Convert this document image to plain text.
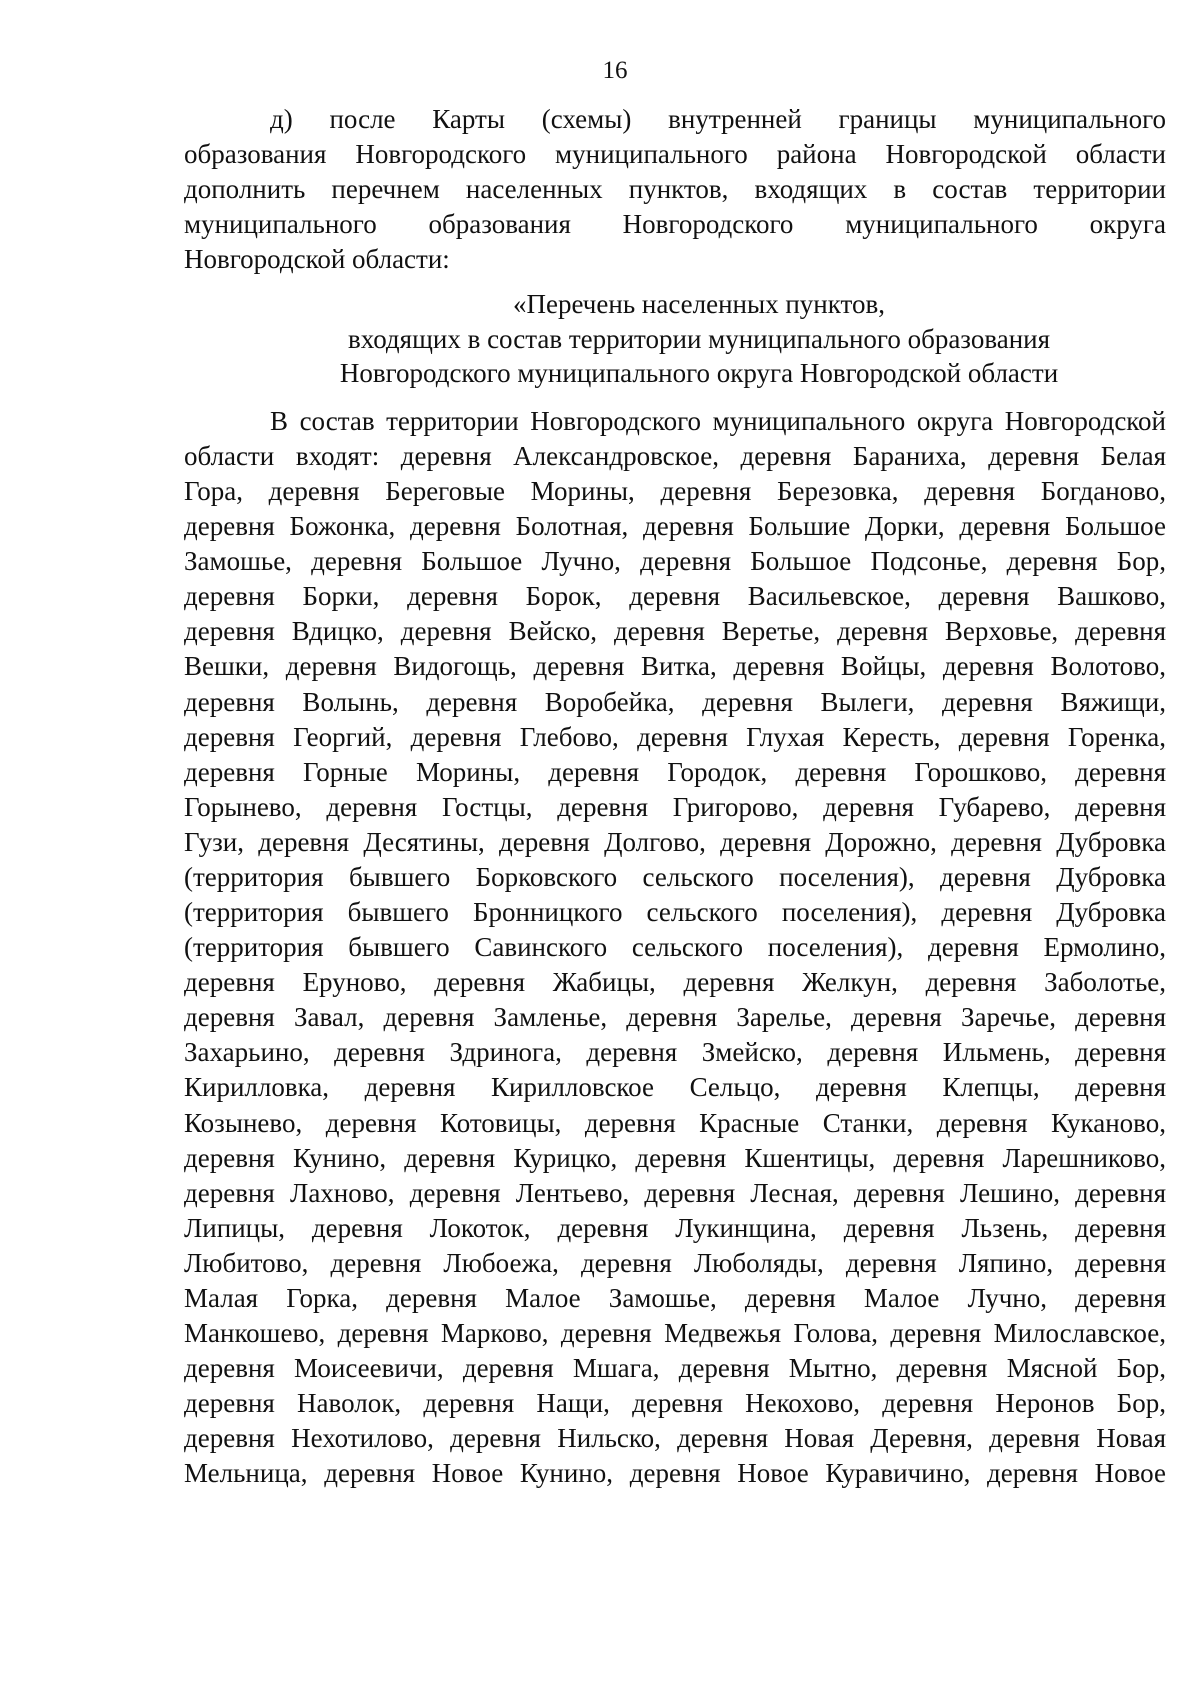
16
д) после Карты (схемы) внутренней границы муниципального
образования Новгородского муниципального района Новгородской области
дополнить перечнем населенных пунктов, входящих в состав территории
муниципального образования Новгородского муниципального округа
Новгородской области:
«Перечень населенных пунктов,
входящих в состав территории муниципального образования
Новгородского муниципального округа Новгородской области
В состав территории Новгородского муниципального округа Новгородской
области входят: деревня Александровское, деревня Бараниха, деревня Белая
Гора, деревня Береговые Морины, деревня Березовка, деревня Богданово,
деревня Божонка, деревня Болотная, деревня Большие Дорки, деревня Большое
Замошье, деревня Большое Лучно, деревня Большое Подсонье, деревня Бор,
деревня Борки, деревня Борок, деревня Васильевское, деревня Вашково,
деревня Вдицко, деревня Вейско, деревня Веретье, деревня Верховье, деревня
Вешки, деревня Видогощь, деревня Витка, деревня Войцы, деревня Волотово,
деревня Волынь, деревня Воробейка, деревня Вылеги, деревня Вяжищи,
деревня Георгий, деревня Глебово, деревня Глухая Кересть, деревня Горенка,
деревня Горные Морины, деревня Городок, деревня Горошково, деревня
Горынево, деревня Гостцы, деревня Григорово, деревня Губарево, деревня
Гузи, деревня Десятины, деревня Долгово, деревня Дорожно, деревня Дубровка
(территория бывшего Борковского сельского поселения), деревня Дубровка
(территория бывшего Бронницкого сельского поселения), деревня Дубровка
(территория бывшего Савинского сельского поселения), деревня Ермолино,
деревня Еруново, деревня Жабицы, деревня Желкун, деревня Заболотье,
деревня Завал, деревня Замленье, деревня Зарелье, деревня Заречье, деревня
Захарьино, деревня Здринога, деревня Змейско, деревня Ильмень, деревня
Кирилловка, деревня Кирилловское Сельцо, деревня Клепцы, деревня
Козынево, деревня Котовицы, деревня Красные Станки, деревня Куканово,
деревня Кунино, деревня Курицко, деревня Кшентицы, деревня Ларешниково,
деревня Лахново, деревня Лентьево, деревня Лесная, деревня Лешино, деревня
Липицы, деревня Локоток, деревня Лукинщина, деревня Льзень, деревня
Любитово, деревня Любоежа, деревня Люболяды, деревня Ляпино, деревня
Малая Горка, деревня Малое Замошье, деревня Малое Лучно, деревня
Манкошево, деревня Марково, деревня Медвежья Голова, деревня Милославское,
деревня Моисеевичи, деревня Мшага, деревня Мытно, деревня Мясной Бор,
деревня Наволок, деревня Нащи, деревня Некохово, деревня Неронов Бор,
деревня Нехотилово, деревня Нильско, деревня Новая Деревня, деревня Новая
Мельница, деревня Новое Кунино, деревня Новое Куравичино, деревня Новое
